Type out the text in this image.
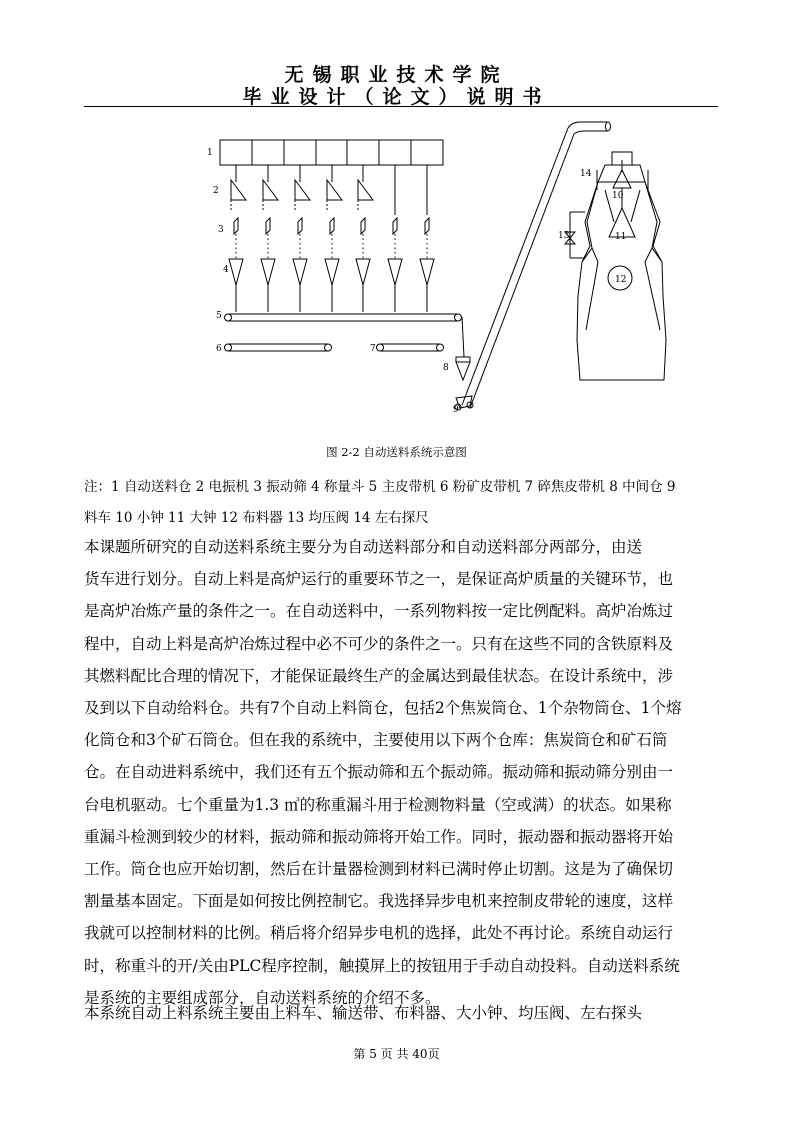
无锡职业技术学院
毕业设计（论文）说明书
1
2
3
4
5
6	7
8
9
10
11
12
13
14
图 2-2 自动送料系统示意图
注：1 自动送料仓 2 电振机 3 振动筛 4 称量斗 5 主皮带机 6 粉矿皮带机 7 碎焦皮带机 8 中间仓 9
料车 10 小钟 11 大钟 12 布料器 13 均压阀 14 左右探尺
本课题所研究的自动送料系统主要分为自动送料部分和自动送料部分两部分，由送
货车进行划分。自动上料是高炉运行的重要环节之一，是保证高炉质量的关键环节，也
是高炉冶炼产量的条件之一。在自动送料中，一系列物料按一定比例配料。高炉冶炼过
程中，自动上料是高炉冶炼过程中必不可少的条件之一。只有在这些不同的含铁原料及
其燃料配比合理的情况下，才能保证最终生产的金属达到最佳状态。在设计系统中，涉
及到以下自动给料仓。共有7个自动上料筒仓，包括2个焦炭筒仓、1个杂物筒仓、1个熔
化筒仓和3个矿石筒仓。但在我的系统中，主要使用以下两个仓库：焦炭筒仓和矿石筒
仓。在自动进料系统中，我们还有五个振动筛和五个振动筛。振动筛和振动筛分别由一
台电机驱动。七个重量为1.3 ㎥的称重漏斗用于检测物料量（空或满）的状态。如果称
重漏斗检测到较少的材料，振动筛和振动筛将开始工作。同时，振动器和振动器将开始
工作。筒仓也应开始切割，然后在计量器检测到材料已满时停止切割。这是为了确保切
割量基本固定。下面是如何按比例控制它。我选择异步电机来控制皮带轮的速度，这样
我就可以控制材料的比例。稍后将介绍异步电机的选择，此处不再讨论。系统自动运行
时，称重斗的开/关由PLC程序控制，触摸屏上的按钮用于手动自动投料。自动送料系统
是系统的主要组成部分，自动送料系统的介绍不多。
本系统自动上料系统主要由上料车、输送带、布料器、大小钟、均压阀、左右探头
第 5 页 共 40页
